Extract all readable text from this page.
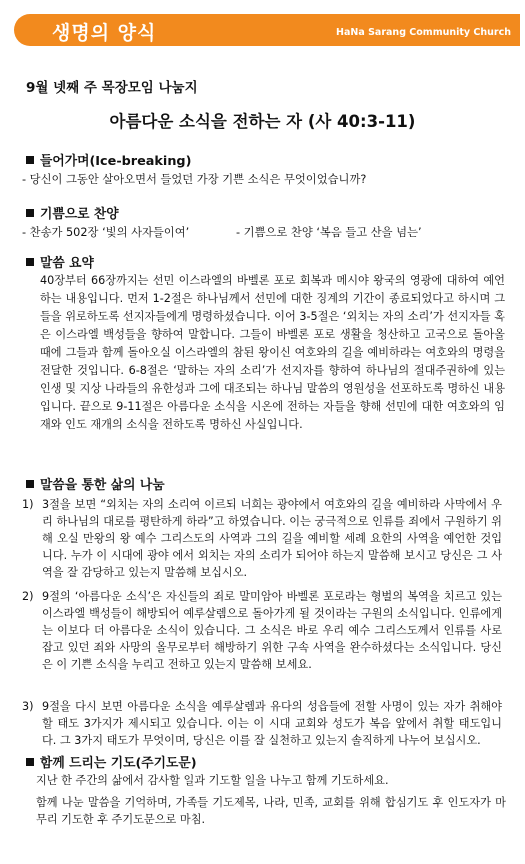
생명의 양식	HaNa Sarang Community Church
9월 넷째 주 목장모임 나눔지
아름다운 소식을 전하는 자 (사 40:3-11)
들어가며(Ice-breaking)
- 당신이 그동안 살아오면서 들었던 가장 기쁜 소식은 무엇이었습니까?
기쁨으로 찬양
- 찬송가 502장 ‘빛의 사자들이여’	- 기쁨으로 찬양 ‘복음 들고 산을 넘는’
말씀 요약
40장부터 66장까지는 선민 이스라엘의 바벨론 포로 회복과 메시야 왕국의 영광에 대하여 예언하는 내용입니다. 먼저 1-2절은 하나님께서 선민에 대한 징계의 기간이 종료되었다고 하시며 그들을 위로하도록 선지자들에게 명령하셨습니다. 이어 3-5절은 ‘외치는 자의 소리’가 선지자들 혹은 이스라엘 백성들을 향하여 말합니다. 그들이 바벨론 포로 생활을 청산하고 고국으로 돌아올 때에 그들과 함께 돌아오실 이스라엘의 참된 왕이신 여호와의 길을 예비하라는 여호와의 명령을 전달한 것입니다. 6-8절은 ‘말하는 자의 소리’가 선지자를 향하여 하나님의 절대주권하에 있는 인생 및 지상 나라들의 유한성과 그에 대조되는 하나님 말씀의 영원성을 선포하도록 명하신 내용입니다. 끝으로 9-11절은 아름다운 소식을 시온에 전하는 자들을 향해 선민에 대한 여호와의 임재와 인도 재개의 소식을 전하도록 명하신 사실입니다.
말씀을 통한 삶의 나눔
1) 3절을 보면 “외치는 자의 소리여 이르되 너희는 광야에서 여호와의 길을 예비하라 사막에서 우리 하나님의 대로를 평탄하게 하라”고 하였습니다. 이는 궁극적으로 인류를 죄에서 구원하기 위해 오실 만왕의 왕 예수 그리스도의 사역과 그의 길을 예비할 세례 요한의 사역을 예언한 것입니다. 누가 이 시대에 광야 에서 외치는 자의 소리가 되어야 하는지 말씀해 보시고 당신은 그 사역을 잘 감당하고 있는지 말씀해 보십시오.
2) 9절의 ‘아름다운 소식’은 자신들의 죄로 말미암아 바벨론 포로라는 형벌의 복역을 치르고 있는 이스라엘 백성들이 해방되어 예루살렘으로 돌아가게 될 것이라는 구원의 소식입니다. 인류에게는 이보다 더 아름다운 소식이 있습니다. 그 소식은 바로 우리 예수 그리스도께서 인류를 사로잡고 있던 죄와 사망의 올무로부터 해방하기 위한 구속 사역을 완수하셨다는 소식입니다. 당신은 이 기쁜 소식을 누리고 전하고 있는지 말씀해 보세요.
3) 9절을 다시 보면 아름다운 소식을 예루살렘과 유다의 성읍들에 전할 사명이 있는 자가 취해야 할 태도 3가지가 제시되고 있습니다. 이는 이 시대 교회와 성도가 복음 앞에서 취할 태도입니다. 그 3가지 태도가 무엇이며, 당신은 이를 잘 실천하고 있는지 솔직하게 나누어 보십시오.
함께 드리는 기도(주기도문)
지난 한 주간의 삶에서 감사할 일과 기도할 일을 나누고 함께 기도하세요.
함께 나눈 말씀을 기억하며, 가족들 기도제목, 나라, 민족, 교회를 위해 합심기도 후 인도자가 마무리 기도한 후 주기도문으로 마침.
